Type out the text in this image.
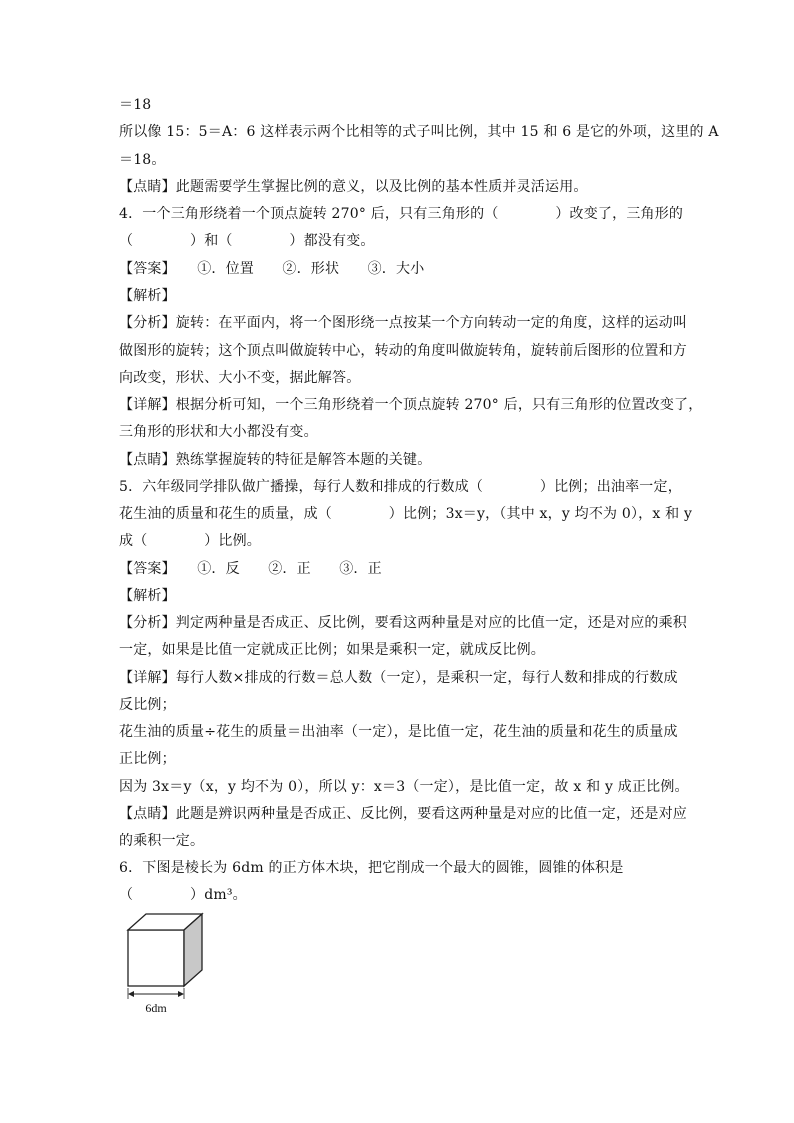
＝18
所以像 15：5＝A：6 这样表示两个比相等的式子叫比例，其中 15 和 6 是它的外项，这里的 A
＝18。
【点睛】此题需要学生掌握比例的意义，以及比例的基本性质并灵活运用。
4．一个三角形绕着一个顶点旋转 270° 后，只有三角形的（　　　　）改变了，三角形的
（　　　　）和（　　　　）都没有变。
【答案】　　①．位置　　②．形状　　③．大小
【解析】
【分析】旋转：在平面内，将一个图形绕一点按某一个方向转动一定的角度，这样的运动叫
做图形的旋转；这个顶点叫做旋转中心，转动的角度叫做旋转角，旋转前后图形的位置和方
向改变，形状、大小不变，据此解答。
【详解】根据分析可知，一个三角形绕着一个顶点旋转 270° 后，只有三角形的位置改变了，
三角形的形状和大小都没有变。
【点睛】熟练掌握旋转的特征是解答本题的关键。
5．六年级同学排队做广播操，每行人数和排成的行数成（　　　　）比例；出油率一定，
花生油的质量和花生的质量，成（　　　　）比例；3x＝y，（其中 x，y 均不为 0），x 和 y
成（　　　　）比例。
【答案】　　①．反　　②．正　　③．正
【解析】
【分析】判定两种量是否成正、反比例，要看这两种量是对应的比值一定，还是对应的乘积
一定，如果是比值一定就成正比例；如果是乘积一定，就成反比例。
【详解】每行人数×排成的行数＝总人数（一定），是乘积一定，每行人数和排成的行数成
反比例；
花生油的质量÷花生的质量＝出油率（一定），是比值一定，花生油的质量和花生的质量成
正比例；
因为 3x＝y（x，y 均不为 0），所以 y：x＝3（一定），是比值一定，故 x 和 y 成正比例。
【点睛】此题是辨识两种量是否成正、反比例，要看这两种量是对应的比值一定，还是对应
的乘积一定。
6．下图是棱长为 6dm 的正方体木块，把它削成一个最大的圆锥，圆锥的体积是
（　　　　）dm³。
6dm
